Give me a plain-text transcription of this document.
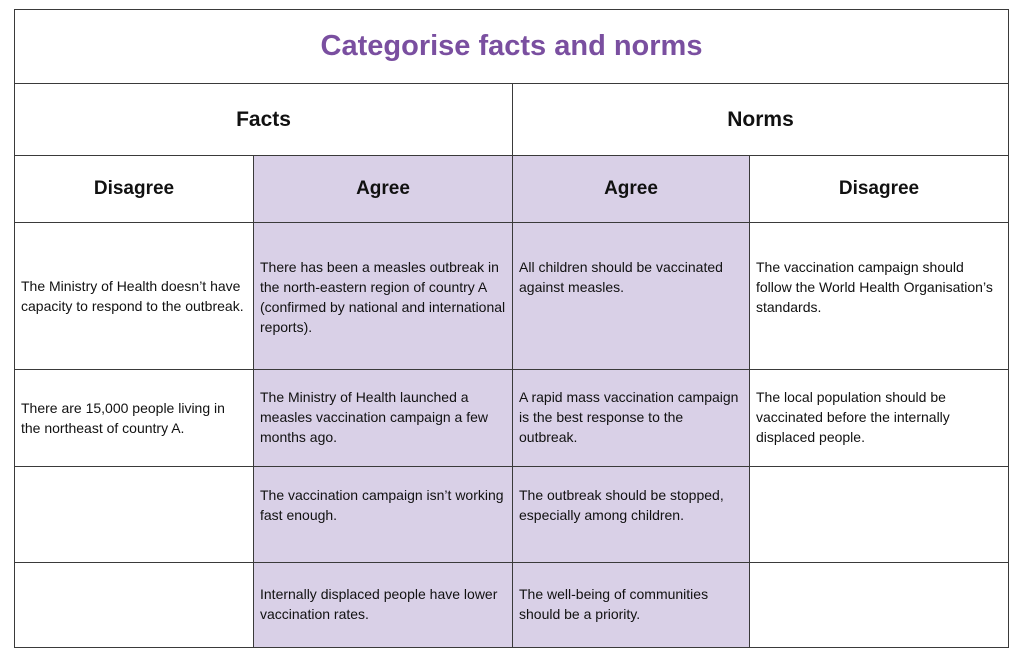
Categorise facts and norms			
Facts		Norms	
Disagree	Agree	Agree	Disagree
The Ministry of Health doesn’t have capacity to respond to the outbreak.	There has been a measles outbreak in the north-eastern region of country A (confirmed by national and international reports).	All children should be vaccinated against measles.	The vaccination campaign should follow the World Health Organisation’s standards.
There are 15,000 people living in the northeast of country A.	The Ministry of Health launched a measles vaccination campaign a few months ago.	A rapid mass vaccination campaign is the best response to the outbreak.	The local population should be vaccinated before the internally displaced people.
	The vaccination campaign isn’t working fast enough.	The outbreak should be stopped, especially among children.	
	Internally displaced people have lower vaccination rates.	The well-being of communities should be a priority.	
